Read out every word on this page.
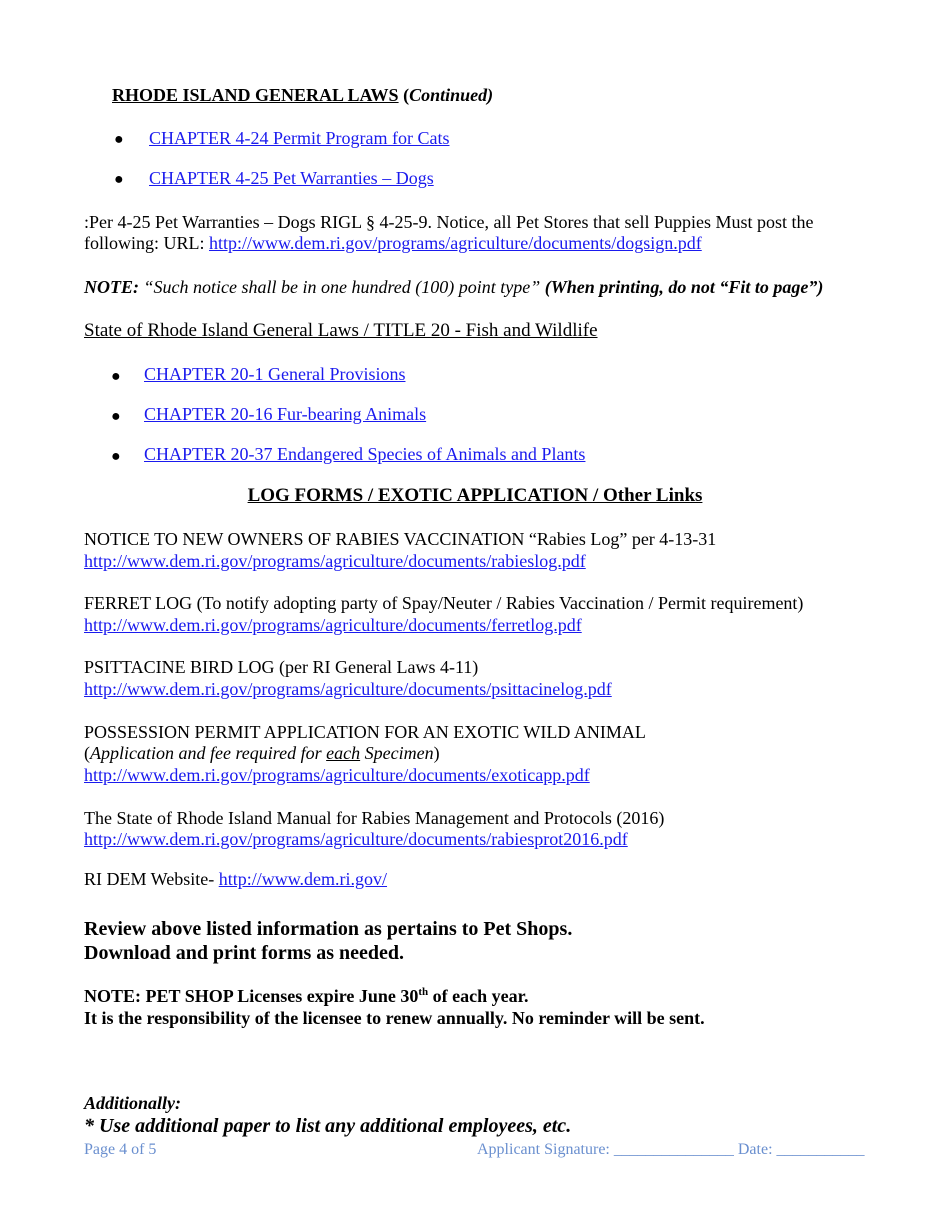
RHODE ISLAND GENERAL LAWS (Continued)
● CHAPTER 4-24 Permit Program for Cats
● CHAPTER 4-25 Pet Warranties – Dogs
:Per 4-25 Pet Warranties – Dogs RIGL § 4-25-9. Notice, all Pet Stores that sell Puppies Must post the
following: URL: http://www.dem.ri.gov/programs/agriculture/documents/dogsign.pdf
NOTE: “Such notice shall be in one hundred (100) point type” (When printing, do not “Fit to page”)
State of Rhode Island General Laws / TITLE 20 - Fish and Wildlife
● CHAPTER 20-1 General Provisions
● CHAPTER 20-16 Fur-bearing Animals
● CHAPTER 20-37 Endangered Species of Animals and Plants
LOG FORMS / EXOTIC APPLICATION / Other Links
NOTICE TO NEW OWNERS OF RABIES VACCINATION “Rabies Log” per 4-13-31
http://www.dem.ri.gov/programs/agriculture/documents/rabieslog.pdf
FERRET LOG (To notify adopting party of Spay/Neuter / Rabies Vaccination / Permit requirement)
http://www.dem.ri.gov/programs/agriculture/documents/ferretlog.pdf
PSITTACINE BIRD LOG (per RI General Laws 4-11)
http://www.dem.ri.gov/programs/agriculture/documents/psittacinelog.pdf
POSSESSION PERMIT APPLICATION FOR AN EXOTIC WILD ANIMAL
(Application and fee required for each Specimen)
http://www.dem.ri.gov/programs/agriculture/documents/exoticapp.pdf
The State of Rhode Island Manual for Rabies Management and Protocols (2016)
http://www.dem.ri.gov/programs/agriculture/documents/rabiesprot2016.pdf
RI DEM Website- http://www.dem.ri.gov/
Review above listed information as pertains to Pet Shops.
Download and print forms as needed.
NOTE: PET SHOP Licenses expire June 30th of each year.
It is the responsibility of the licensee to renew annually. No reminder will be sent.
Additionally:
* Use additional paper to list any additional employees, etc.
Page 4 of 5	Applicant Signature: _______________ Date: ___________
